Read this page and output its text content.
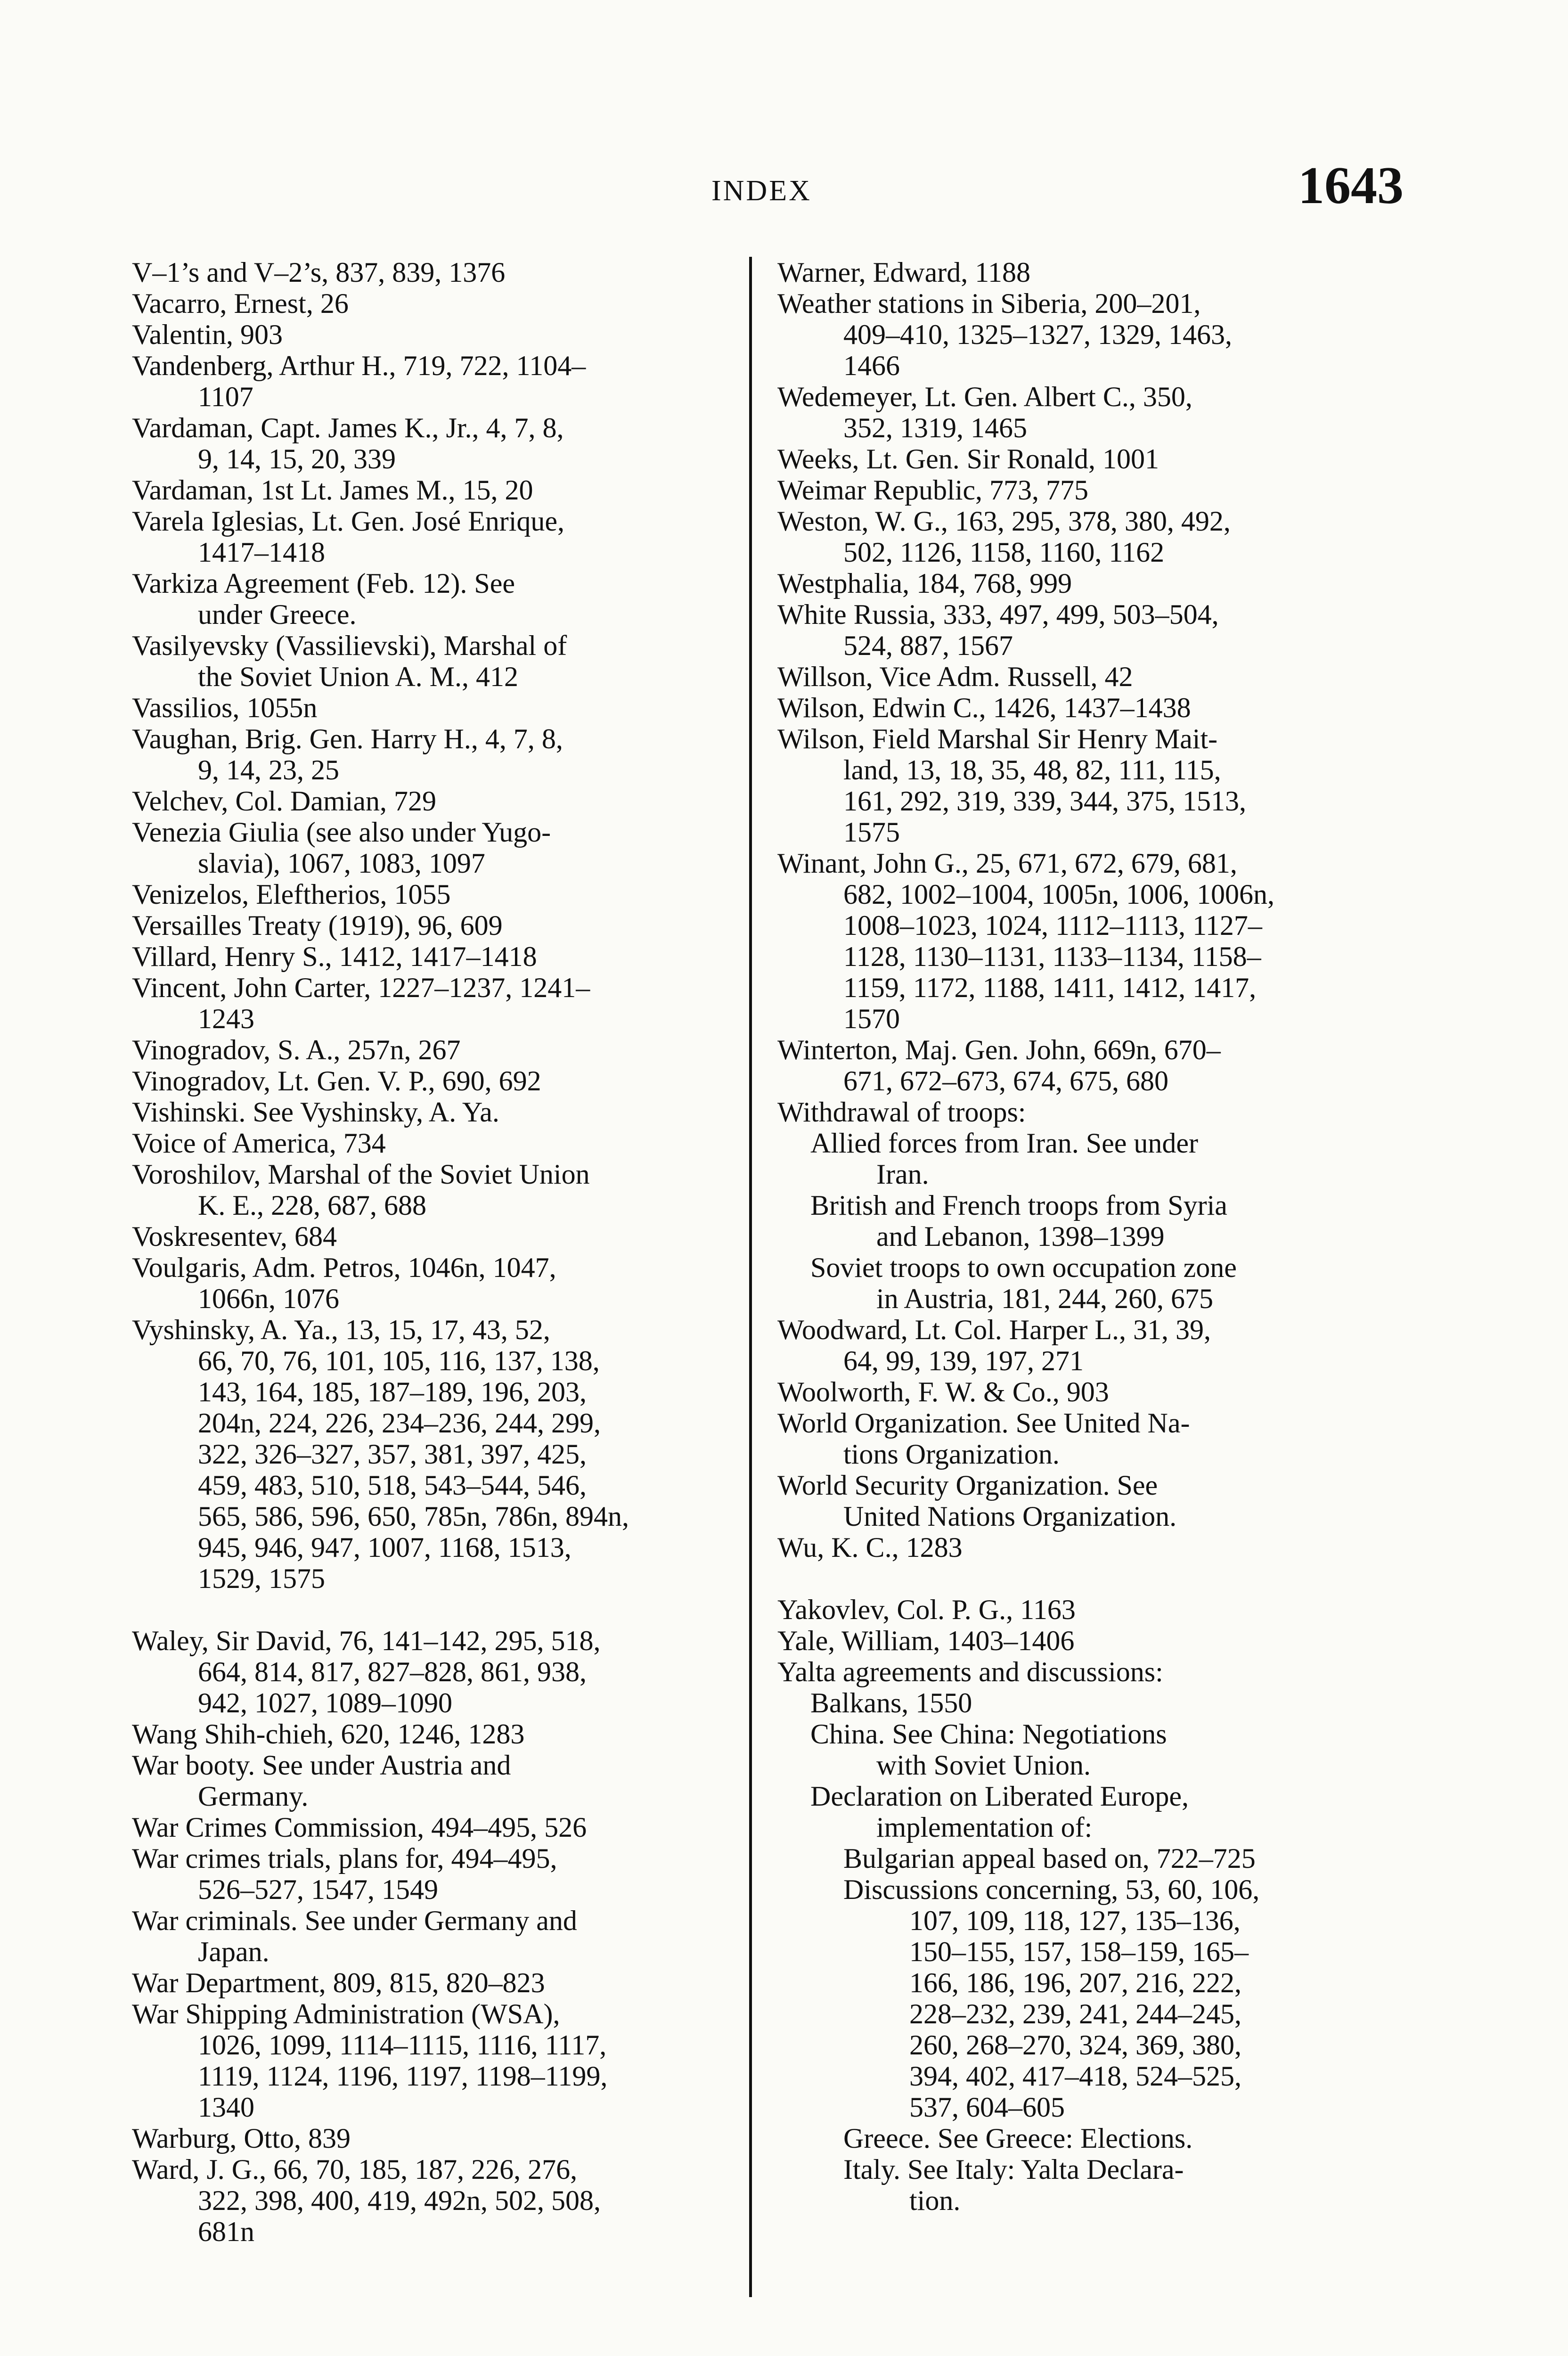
INDEX	1643
V–1’s and V–2’s, 837, 839, 1376
Vacarro, Ernest, 26
Valentin, 903
Vandenberg, Arthur H., 719, 722, 1104–
1107
Vardaman, Capt. James K., Jr., 4, 7, 8,
9, 14, 15, 20, 339
Vardaman, 1st Lt. James M., 15, 20
Varela Iglesias, Lt. Gen. José Enrique,
1417–1418
Varkiza Agreement (Feb. 12). See
under Greece.
Vasilyevsky (Vassilievski), Marshal of
the Soviet Union A. M., 412
Vassilios, 1055n
Vaughan, Brig. Gen. Harry H., 4, 7, 8,
9, 14, 23, 25
Velchev, Col. Damian, 729
Venezia Giulia (see also under Yugo-
slavia), 1067, 1083, 1097
Venizelos, Eleftherios, 1055
Versailles Treaty (1919), 96, 609
Villard, Henry S., 1412, 1417–1418
Vincent, John Carter, 1227–1237, 1241–
1243
Vinogradov, S. A., 257n, 267
Vinogradov, Lt. Gen. V. P., 690, 692
Vishinski. See Vyshinsky, A. Ya.
Voice of America, 734
Voroshilov, Marshal of the Soviet Union
K. E., 228, 687, 688
Voskresentev, 684
Voulgaris, Adm. Petros, 1046n, 1047,
1066n, 1076
Vyshinsky, A. Ya., 13, 15, 17, 43, 52,
66, 70, 76, 101, 105, 116, 137, 138,
143, 164, 185, 187–189, 196, 203,
204n, 224, 226, 234–236, 244, 299,
322, 326–327, 357, 381, 397, 425,
459, 483, 510, 518, 543–544, 546,
565, 586, 596, 650, 785n, 786n, 894n,
945, 946, 947, 1007, 1168, 1513,
1529, 1575
Waley, Sir David, 76, 141–142, 295, 518,
664, 814, 817, 827–828, 861, 938,
942, 1027, 1089–1090
Wang Shih-chieh, 620, 1246, 1283
War booty. See under Austria and
Germany.
War Crimes Commission, 494–495, 526
War crimes trials, plans for, 494–495,
526–527, 1547, 1549
War criminals. See under Germany and
Japan.
War Department, 809, 815, 820–823
War Shipping Administration (WSA),
1026, 1099, 1114–1115, 1116, 1117,
1119, 1124, 1196, 1197, 1198–1199,
1340
Warburg, Otto, 839
Ward, J. G., 66, 70, 185, 187, 226, 276,
322, 398, 400, 419, 492n, 502, 508,
681n
Warner, Edward, 1188
Weather stations in Siberia, 200–201,
409–410, 1325–1327, 1329, 1463,
1466
Wedemeyer, Lt. Gen. Albert C., 350,
352, 1319, 1465
Weeks, Lt. Gen. Sir Ronald, 1001
Weimar Republic, 773, 775
Weston, W. G., 163, 295, 378, 380, 492,
502, 1126, 1158, 1160, 1162
Westphalia, 184, 768, 999
White Russia, 333, 497, 499, 503–504,
524, 887, 1567
Willson, Vice Adm. Russell, 42
Wilson, Edwin C., 1426, 1437–1438
Wilson, Field Marshal Sir Henry Mait-
land, 13, 18, 35, 48, 82, 111, 115,
161, 292, 319, 339, 344, 375, 1513,
1575
Winant, John G., 25, 671, 672, 679, 681,
682, 1002–1004, 1005n, 1006, 1006n,
1008–1023, 1024, 1112–1113, 1127–
1128, 1130–1131, 1133–1134, 1158–
1159, 1172, 1188, 1411, 1412, 1417,
1570
Winterton, Maj. Gen. John, 669n, 670–
671, 672–673, 674, 675, 680
Withdrawal of troops:
Allied forces from Iran. See under
Iran.
British and French troops from Syria
and Lebanon, 1398–1399
Soviet troops to own occupation zone
in Austria, 181, 244, 260, 675
Woodward, Lt. Col. Harper L., 31, 39,
64, 99, 139, 197, 271
Woolworth, F. W. & Co., 903
World Organization. See United Na-
tions Organization.
World Security Organization. See
United Nations Organization.
Wu, K. C., 1283
Yakovlev, Col. P. G., 1163
Yale, William, 1403–1406
Yalta agreements and discussions:
Balkans, 1550
China. See China: Negotiations
with Soviet Union.
Declaration on Liberated Europe,
implementation of:
Bulgarian appeal based on, 722–725
Discussions concerning, 53, 60, 106,
107, 109, 118, 127, 135–136,
150–155, 157, 158–159, 165–
166, 186, 196, 207, 216, 222,
228–232, 239, 241, 244–245,
260, 268–270, 324, 369, 380,
394, 402, 417–418, 524–525,
537, 604–605
Greece. See Greece: Elections.
Italy. See Italy: Yalta Declara-
tion.
